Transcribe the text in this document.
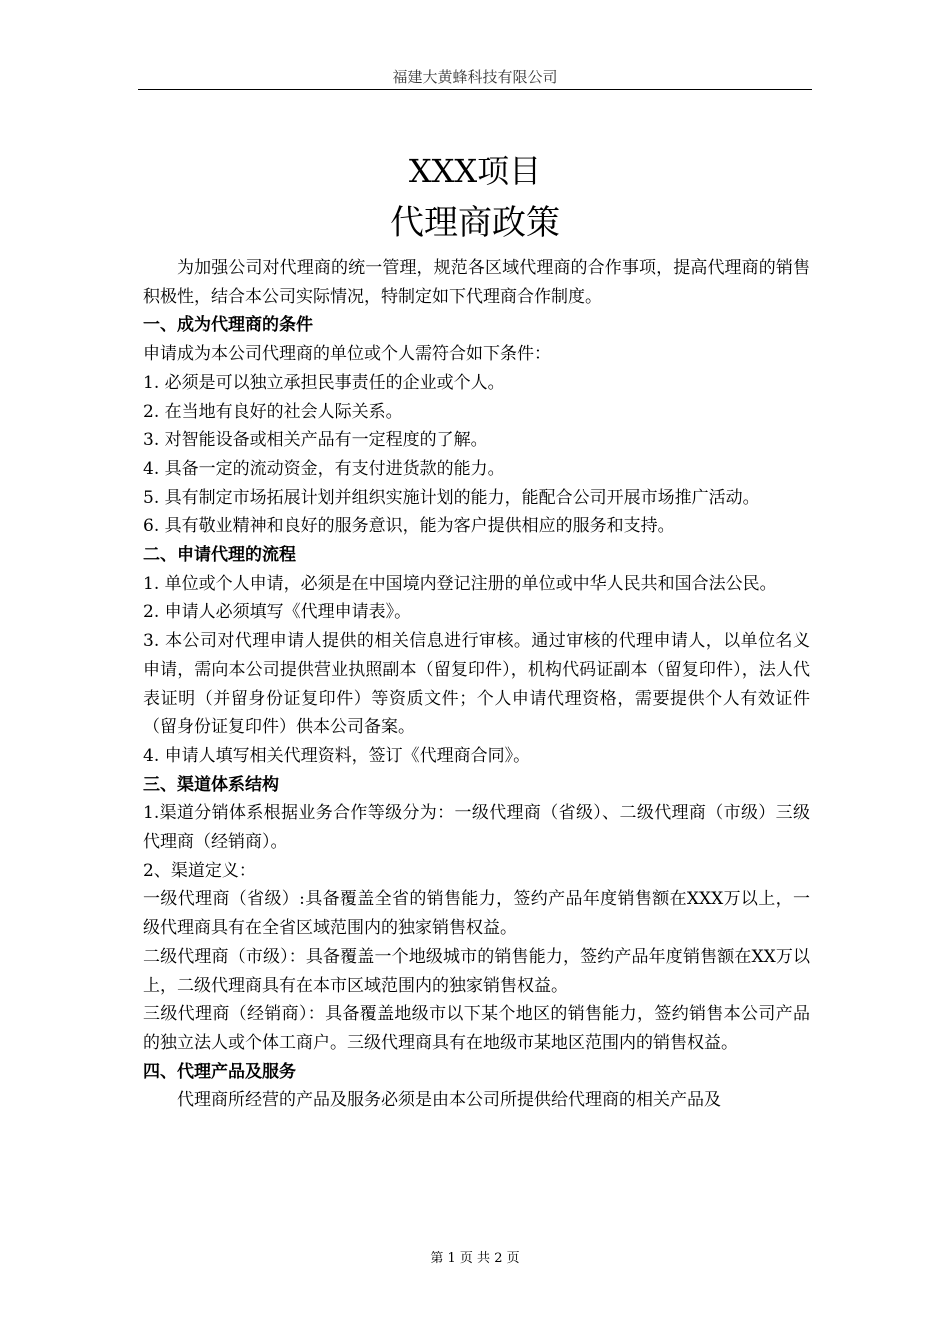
福建大黄蜂科技有限公司
XXX项目
代理商政策

为加强公司对代理商的统一管理，规范各区域代理商的合作事项，提高代理商的销售积极性，结合本公司实际情况，特制定如下代理商合作制度。

一、成为代理商的条件

申请成为本公司代理商的单位或个人需符合如下条件：

1. 必须是可以独立承担民事责任的企业或个人。

2. 在当地有良好的社会人际关系。

3. 对智能设备或相关产品有一定程度的了解。

4. 具备一定的流动资金，有支付进货款的能力。

5. 具有制定市场拓展计划并组织实施计划的能力，能配合公司开展市场推广活动。

6. 具有敬业精神和良好的服务意识，能为客户提供相应的服务和支持。

二、申请代理的流程

1. 单位或个人申请，必须是在中国境内登记注册的单位或中华人民共和国合法公民。

2. 申请人必须填写《代理申请表》。

3. 本公司对代理申请人提供的相关信息进行审核。通过审核的代理申请人，以单位名义申请，需向本公司提供营业执照副本（留复印件），机构代码证副本（留复印件），法人代表证明（并留身份证复印件）等资质文件；个人申请代理资格，需要提供个人有效证件（留身份证复印件）供本公司备案。

4. 申请人填写相关代理资料，签订《代理商合同》。

三、渠道体系结构

1.渠道分销体系根据业务合作等级分为：一级代理商（省级）、二级代理商（市级）三级代理商（经销商）。

2、渠道定义：

一级代理商（省级）:具备覆盖全省的销售能力，签约产品年度销售额在XXX万以上，一级代理商具有在全省区域范围内的独家销售权益。

二级代理商（市级）：具备覆盖一个地级城市的销售能力，签约产品年度销售额在XX万以上，二级代理商具有在本市区域范围内的独家销售权益。

三级代理商（经销商）：具备覆盖地级市以下某个地区的销售能力，签约销售本公司产品的独立法人或个体工商户。三级代理商具有在地级市某地区范围内的销售权益。

四、代理产品及服务

代理商所经营的产品及服务必须是由本公司所提供给代理商的相关产品及

第 1 页 共 2 页
